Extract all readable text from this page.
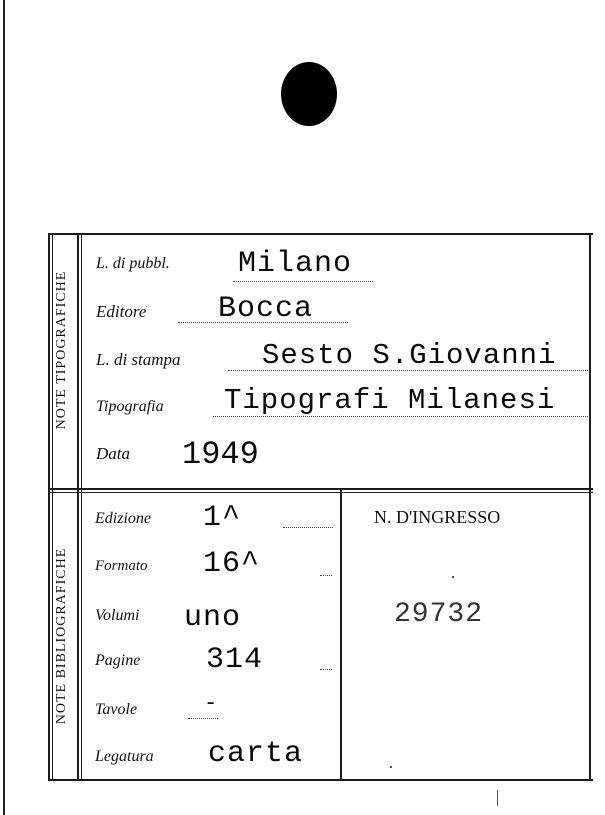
NOTE TIPOGRAFICHE
NOTE BIBLIOGRAFICHE
L. di pubbl. Milano
Editore Bocca
L. di stampa	Sesto S.Giovanni
Tipografia Tipografi Milanesi
Data 1949
Edizione 1^
Formato 16^
Volumi uno
Pagine 314
Tavole	-
Legatura carta
N. D'INGRESSO
29732
